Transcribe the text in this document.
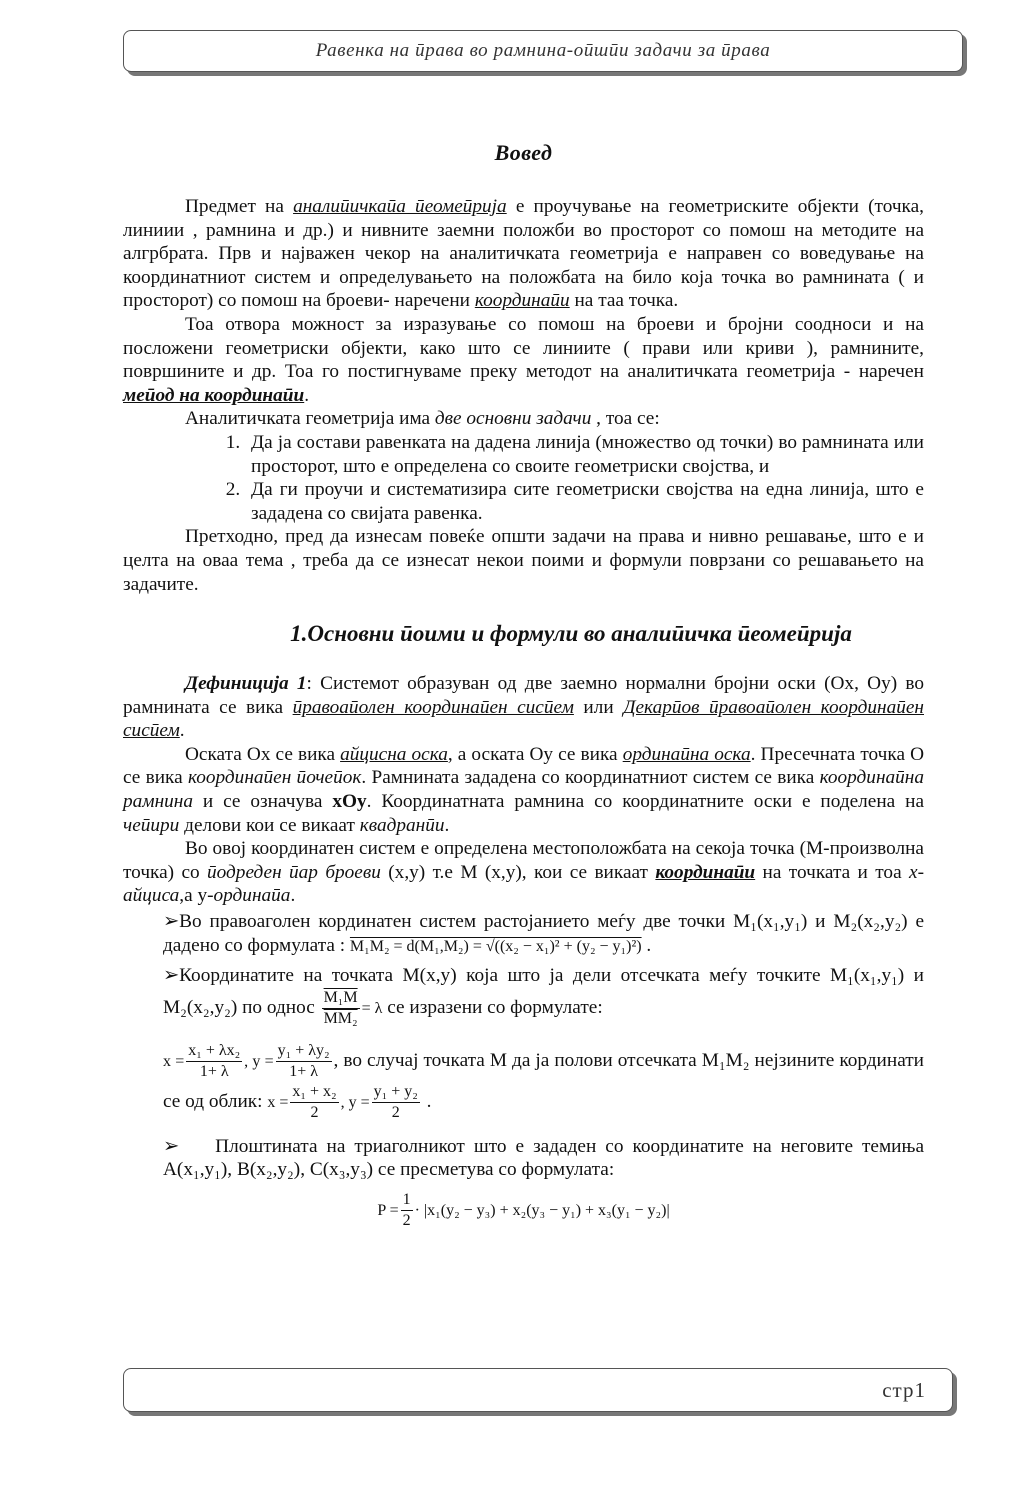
Равенка на ӣрава во рамнина-оӣшӣи задачи за ӣрава
Вовед

Предмет на аналиӣичкаӣа ӣеомеӣрија е проучување на геометриските објекти (точка, линиии , рамнина и др.) и нивните заемни положби во просторот со помош на методите на алгрбрата. Прв и најважен чекор на аналитичката геометрија е направен со воведување на координатниот систем и определувањето на положбата на било која точка во рамнината ( и просторот) со помош на броеви- наречени координаӣи на таа точка.

Тоа отвора можност за изразување со помош на броеви и бројни соодноси и на посложени геометриски објекти, како што се линиите ( прави или криви ), рамнините, површините и др. Тоа го постигнуваме преку методот на аналитичката геометрија - наречен меӣод на координаӣи.

Аналитичката геометрија има две основни задачи , тоа се:

1. Да ја состави равенката на дадена линија (множество од точки) во рамнината или просторот, што е определена со своите геометриски својства, и
2. Да ги проучи и систематизира сите геометриски својства на една линија, што е зададена со свијата равенка.

Претходно, пред да изнесам повеќе општи задачи на права и нивно решавање, што е и целта на оваа тема , треба да се изнесат некои поими и формули поврзани со решавањето на задачите.

1.Основни ӣоими и формули во аналиӣичка ӣеомеӣрија

Дефиниција 1: Системот образуван од две заемно нормални бројни оски (Ox, Oy) во рамнината се вика ӣравоаӣолен координаӣен сисӣем или Декарӣов ӣравоаӣолен координаӣен сисӣем.

Оската Ох се вика айцисна оска, а оската Oy се вика ординаӣна оска. Пресечната точка О се вика координаӣен ӣочеӣок. Рамнината зададена со координатниот систем се вика координаӣна рамнина и се означува xOy. Координатната рамнина со координатните оски е поделена на чеӣири делови кои се викаат квадранӣи.

Во овој координатен систем е определена местоположбата на секоја точка (М-произволна точка) со ӣодреден ӣар броеви (x,y) т.е M (x,y), кои се викаат координаӣи на точката и тоа x-айциса,а y-ординаӣа.

➢Во правоаголен кординатен систем растојанието меѓу две точки M₁(x₁,y₁) и M₂(x₂,y₂) е дадено со формулата : M₁M₂ = d(M₁,M₂) = √((x₂ − x₁)² + (y₂ − y₁)²) .

➢Координатите на точката M(x,y) која што ја дели отсечката меѓу точките M₁(x₁,y₁) и M₂(x₂,y₂) по однос $\frac{\text{M₁M}}{\text{MM₂}} = \lambda$ се изразени со формулате:

$x = \frac{\text{x₁ + λx₂}}{1+ \lambda}$ , $y = \frac{\text{y₁ + λy₂}}{1+ \lambda}$ , во случај точката M да ја полови отсечката M₁M₂ нејзините кординати се од облик: $x = \frac{\text{x₁ + x₂}}{2}$ , $y = \frac{\text{y₁ + y₂}}{2}$ .

➢ Плоштината на триаголникот што е зададен со координатите на неговите темиња A(x₁,y₁), B(x₂,y₂), C(x₃,y₃) се пресметува со формулата:

$P = \frac{1}{2} \cdot |x_1(y_2 - y_3) + x_2(y_3 - y_1) + x_3(y_1 - y_2)|$
стр1
